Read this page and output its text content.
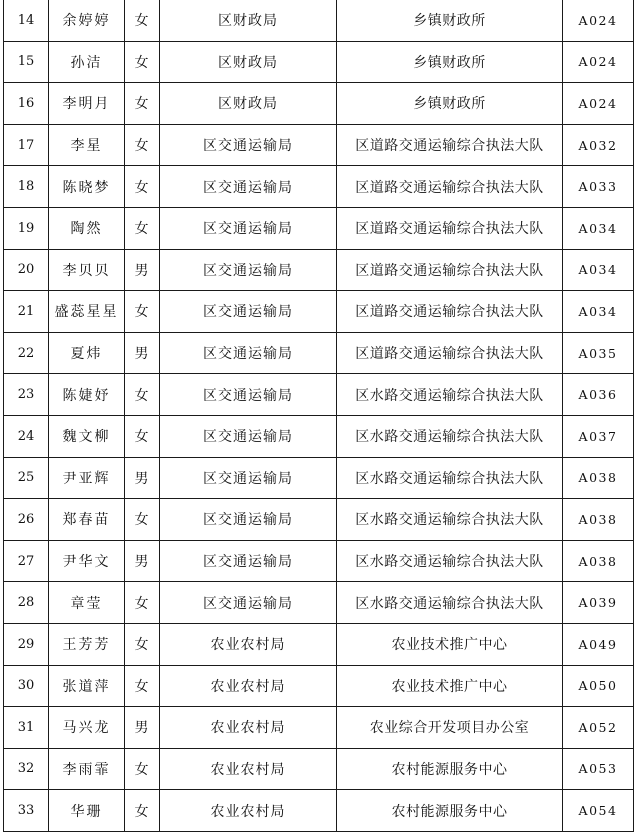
14	余婷婷	女	区财政局	乡镇财政所	A024
15	孙洁	女	区财政局	乡镇财政所	A024
16	李明月	女	区财政局	乡镇财政所	A024
17	李星	女	区交通运输局	区道路交通运输综合执法大队	A032
18	陈晓梦	女	区交通运输局	区道路交通运输综合执法大队	A033
19	陶然	女	区交通运输局	区道路交通运输综合执法大队	A034
20	李贝贝	男	区交通运输局	区道路交通运输综合执法大队	A034
21	盛蕊星星	女	区交通运输局	区道路交通运输综合执法大队	A034
22	夏炜	男	区交通运输局	区道路交通运输综合执法大队	A035
23	陈婕妤	女	区交通运输局	区水路交通运输综合执法大队	A036
24	魏文柳	女	区交通运输局	区水路交通运输综合执法大队	A037
25	尹亚辉	男	区交通运输局	区水路交通运输综合执法大队	A038
26	郑春苗	女	区交通运输局	区水路交通运输综合执法大队	A038
27	尹华文	男	区交通运输局	区水路交通运输综合执法大队	A038
28	章莹	女	区交通运输局	区水路交通运输综合执法大队	A039
29	王芳芳	女	农业农村局	农业技术推广中心	A049
30	张道萍	女	农业农村局	农业技术推广中心	A050
31	马兴龙	男	农业农村局	农业综合开发项目办公室	A052
32	李雨霏	女	农业农村局	农村能源服务中心	A053
33	华珊	女	农业农村局	农村能源服务中心	A054
